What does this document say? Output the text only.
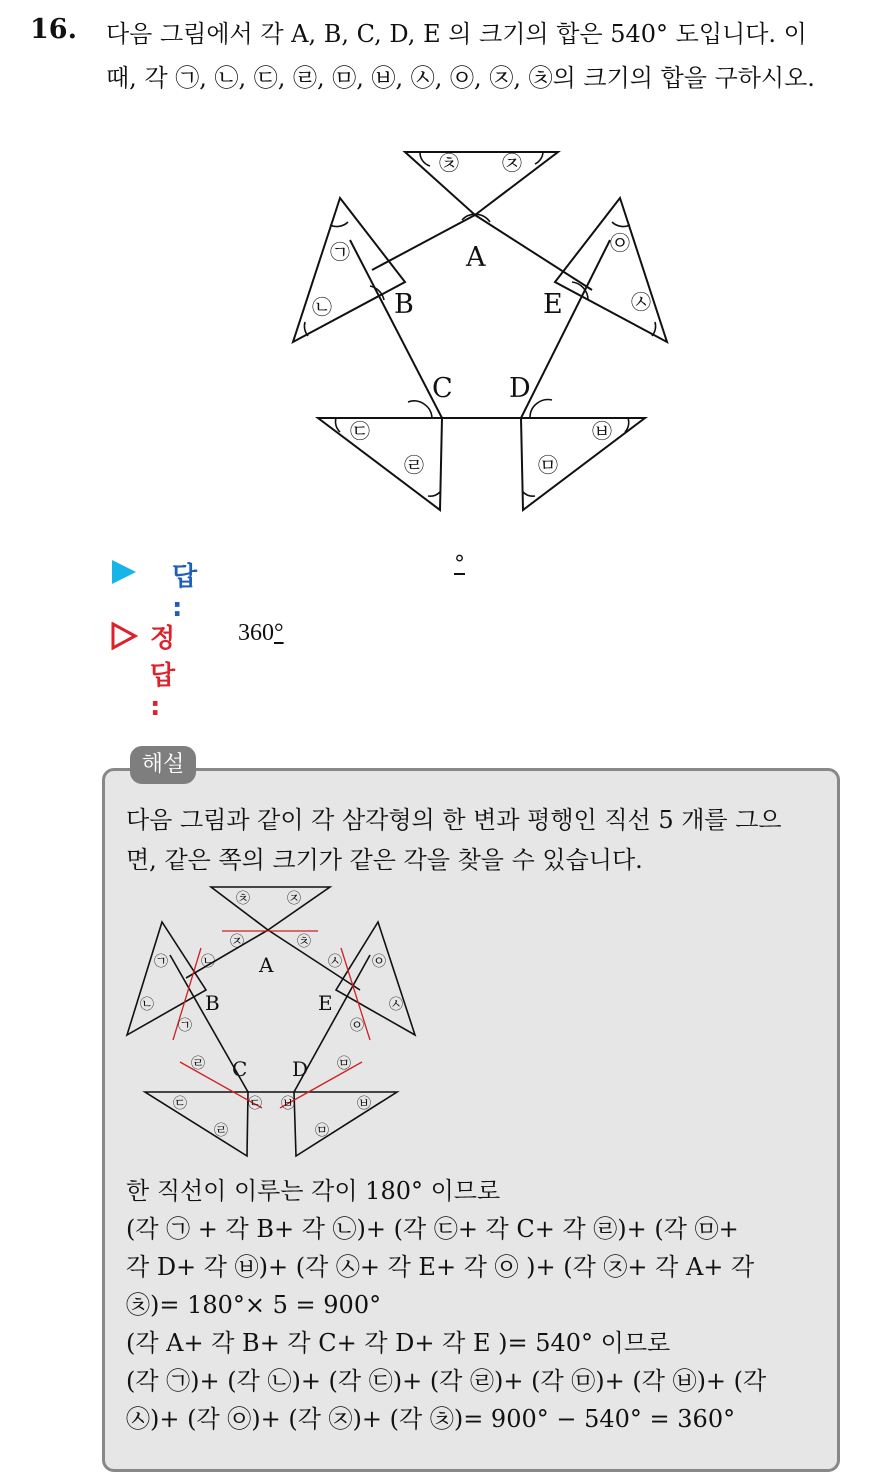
16. 다음 그림에서 각 A, B, C, D, E 의 크기의 합은 540° 도입니다. 이
때, 각 ㉠, ㉡, ㉢, ㉣, ㉤, ㉥, ㉦, ㉧, ㉨, ㉩의 크기의 합을 구하시오.
A
B	E
C D
㉩ ㉨
㉠
㉡
㉧
㉦
㉢
㉣
㉥
㉤
답 :
°
정답 :
360°
해설
다음 그림과 같이 각 삼각형의 한 변과 평행인 직선 5 개를 그으
면, 같은 쪽의 크기가 같은 각을 찾을 수 있습니다.
A
B	E
C D
㉩	㉨
㉨	㉩
㉠
㉡
㉡
㉠
㉧
㉦
㉦
㉧
㉣	㉤
㉢	㉢ ㉥	㉥
㉣	㉤
한 직선이 이루는 각이 180° 이므로
(각 ㉠ + 각 B+ 각 ㉡)+ (각 ㉢+ 각 C+ 각 ㉣)+ (각 ㉤+
각 D+ 각 ㉥)+ (각 ㉦+ 각 E+ 각 ㉧ )+ (각 ㉨+ 각 A+ 각
㉩)= 180°× 5 = 900°
(각 A+ 각 B+ 각 C+ 각 D+ 각 E )= 540° 이므로
(각 ㉠)+ (각 ㉡)+ (각 ㉢)+ (각 ㉣)+ (각 ㉤)+ (각 ㉥)+ (각
㉦)+ (각 ㉧)+ (각 ㉨)+ (각 ㉩)= 900° − 540° = 360°
